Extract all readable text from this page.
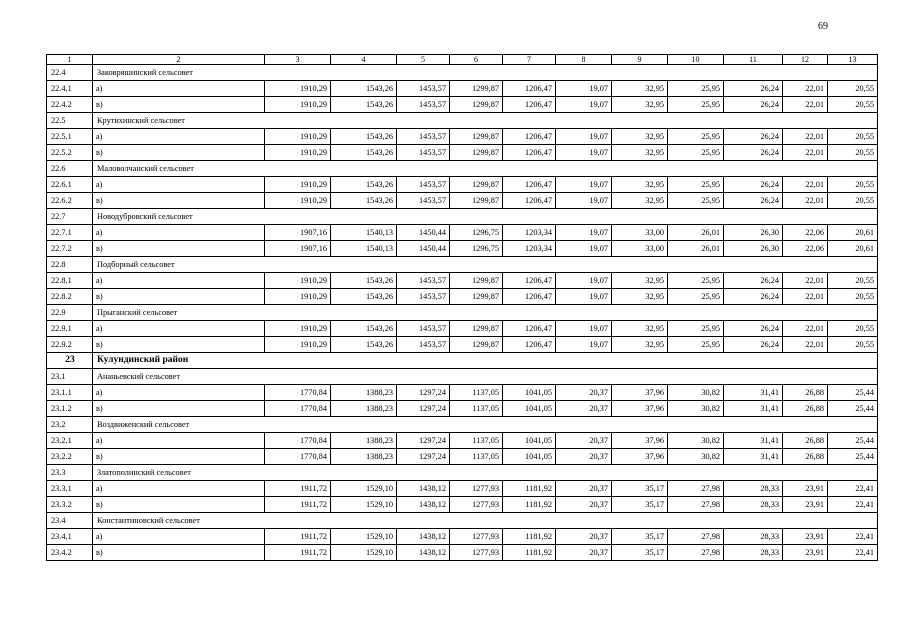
69
1	2	3	4	5	6	7	8	9	10	11	12	13
22.4	Заковряшинский сельсовет											
22.4.1	а)	1910,29	1543,26	1453,57	1299,87	1206,47	19,07	32,95	25,95	26,24	22,01	20,55
22.4.2	в)	1910,29	1543,26	1453,57	1299,87	1206,47	19,07	32,95	25,95	26,24	22,01	20,55
22.5	Крутихинский сельсовет											
22.5.1	а)	1910,29	1543,26	1453,57	1299,87	1206,47	19,07	32,95	25,95	26,24	22,01	20,55
22.5.2	в)	1910,29	1543,26	1453,57	1299,87	1206,47	19,07	32,95	25,95	26,24	22,01	20,55
22.6	Маловолчанский сельсовет											
22.6.1	а)	1910,29	1543,26	1453,57	1299,87	1206,47	19,07	32,95	25,95	26,24	22,01	20,55
22.6.2	в)	1910,29	1543,26	1453,57	1299,87	1206,47	19,07	32,95	25,95	26,24	22,01	20,55
22.7	Новодубровский сельсовет											
22.7.1	а)	1907,16	1540,13	1450,44	1296,75	1203,34	19,07	33,00	26,01	26,30	22,06	20,61
22.7.2	в)	1907,16	1540,13	1450,44	1296,75	1203,34	19,07	33,00	26,01	26,30	22,06	20,61
22.8	Подборный сельсовет											
22.8.1	а)	1910,29	1543,26	1453,57	1299,87	1206,47	19,07	32,95	25,95	26,24	22,01	20,55
22.8.2	в)	1910,29	1543,26	1453,57	1299,87	1206,47	19,07	32,95	25,95	26,24	22,01	20,55
22.9	Прыганский сельсовет											
22.9.1	а)	1910,29	1543,26	1453,57	1299,87	1206,47	19,07	32,95	25,95	26,24	22,01	20,55
22.9.2	в)	1910,29	1543,26	1453,57	1299,87	1206,47	19,07	32,95	25,95	26,24	22,01	20,55
23	Кулундинский район											
23.1	Ананьевский сельсовет											
23.1.1	а)	1770,84	1388,23	1297,24	1137,05	1041,05	20,37	37,96	30,82	31,41	26,88	25,44
23.1.2	в)	1770,84	1388,23	1297,24	1137,05	1041,05	20,37	37,96	30,82	31,41	26,88	25,44
23.2	Воздвиженский сельсовет											
23.2.1	а)	1770,84	1388,23	1297,24	1137,05	1041,05	20,37	37,96	30,82	31,41	26,88	25,44
23.2.2	в)	1770,84	1388,23	1297,24	1137,05	1041,05	20,37	37,96	30,82	31,41	26,88	25,44
23.3	Златополинский сельсовет											
23.3.1	а)	1911,72	1529,10	1438,12	1277,93	1181,92	20,37	35,17	27,98	28,33	23,91	22,41
23.3.2	в)	1911,72	1529,10	1438,12	1277,93	1181,92	20,37	35,17	27,98	28,33	23,91	22,41
23.4	Константиновский сельсовет											
23.4.1	а)	1911,72	1529,10	1438,12	1277,93	1181,92	20,37	35,17	27,98	28,33	23,91	22,41
23.4.2	в)	1911,72	1529,10	1438,12	1277,93	1181,92	20,37	35,17	27,98	28,33	23,91	22,41
